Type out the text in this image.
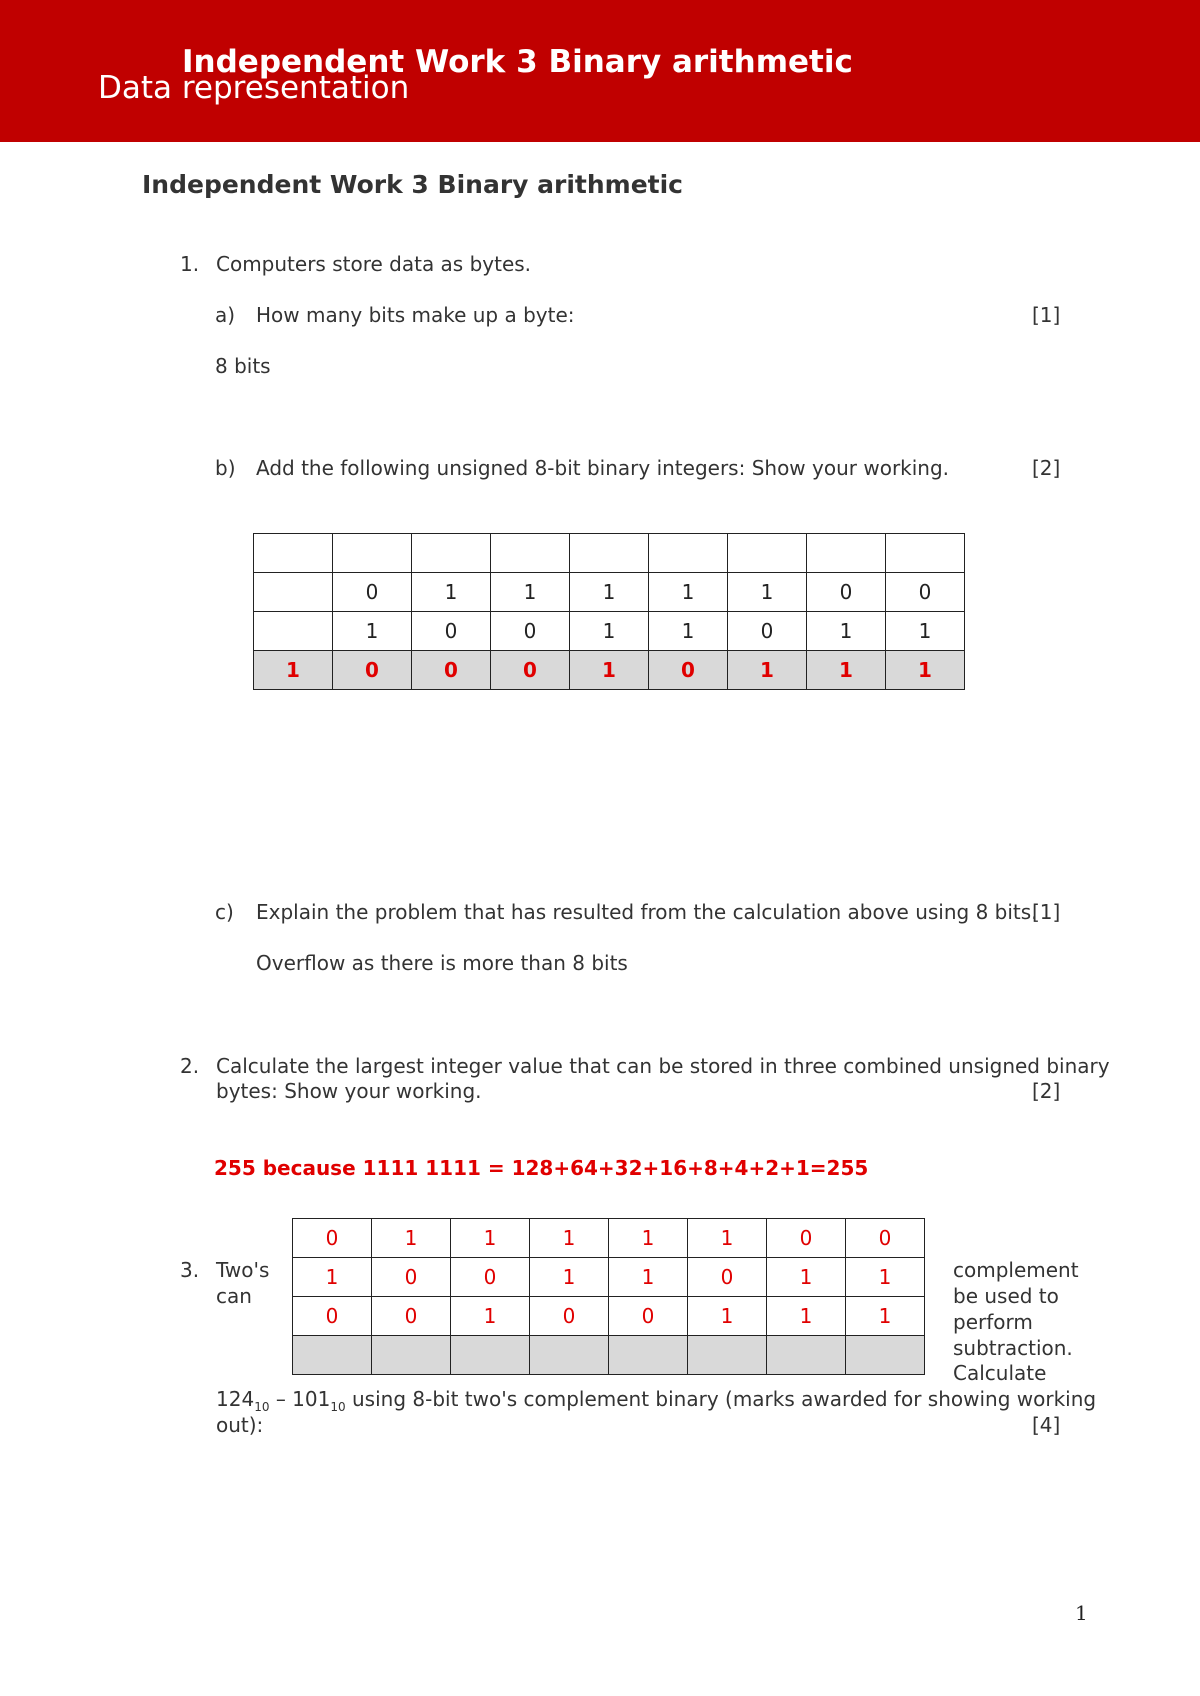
Independent Work 3 Binary arithmetic

Data representation

Independent Work 3 Binary arithmetic
1. Computers store data as bytes.
a) How many bits make up a byte:	[1]
8 bits
b) Add the following unsigned 8-bit binary integers: Show your working.	[2]

	0	1	1	1	1	1	0	0
	1	0	0	1	1	0	1	1
1	0	0	0	1	0	1	1	1
c) Explain the problem that has resulted from the calculation above using 8 bits.
[1]
Overflow as there is more than 8 bits
2. Calculate the largest integer value that can be stored in three combined unsigned binary
bytes: Show your working.	[2]
255 because 1111 1111 = 128+64+32+16+8+4+2+1=255
0	1	1	1	1	1	0	0
1	0	0	1	1	0	1	1
0	0	1	0	0	1	1	1

3. Two's
can
complement
be used to
perform
subtraction.
Calculate
$124_{10} - 101_{10}$ using 8-bit two's complement binary (marks awarded for showing working
out):	[4]
1
